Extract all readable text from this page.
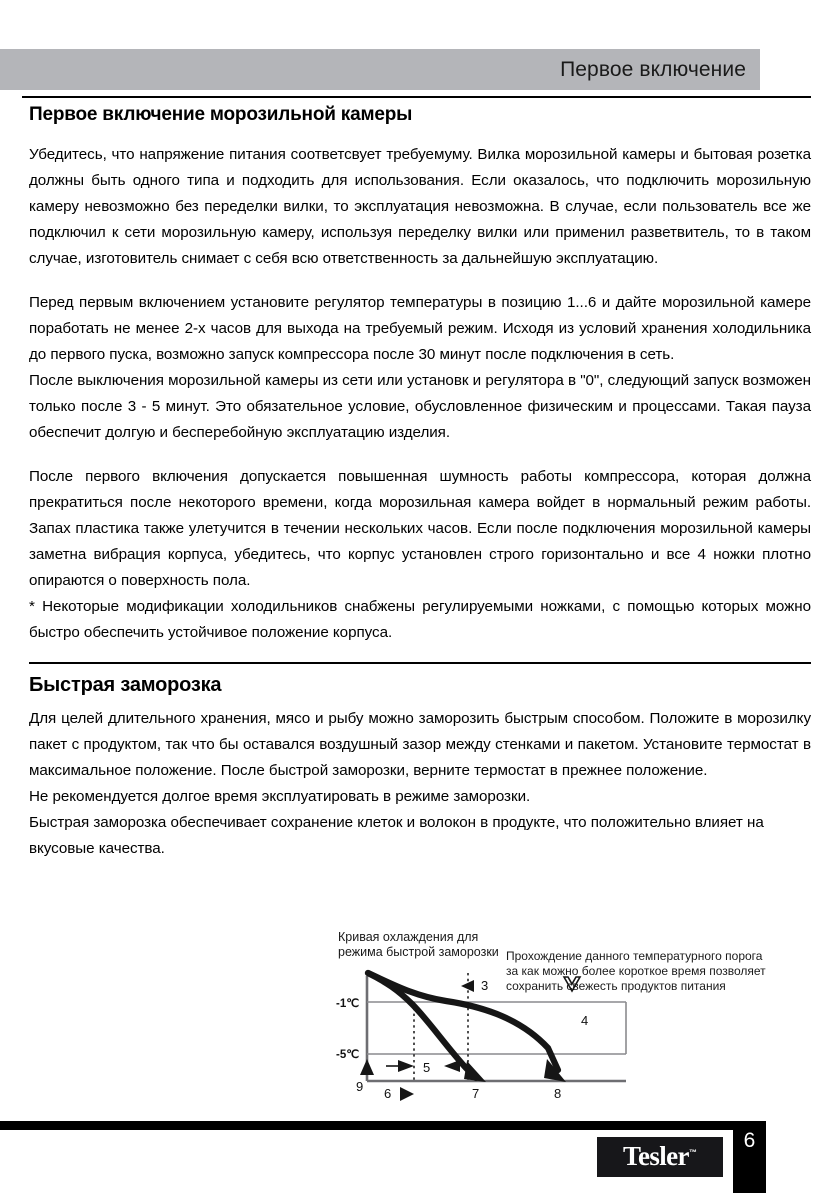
Первое включение
Первое включение морозильной камеры

Убедитесь, что напряжение питания соответсвует требуемуму. Вилка морозильной камеры и бытовая розетка должны быть одного типа и подходить для использования. Если оказалось, что подключить морозильную камеру невозможно без переделки вилки, то эксплуатация невозможна. В случае, если пользователь все же подключил к сети морозильную камеру, используя переделку вилки или применил разветвитель, то в таком случае, изготовитель снимает с себя всю ответственность за дальнейшую эксплуатацию.

Перед первым включением установите регулятор температуры в позицию 1...6 и дайте морозильной камере поработать не менее 2-х часов для выхода на требуемый режим. Исходя из условий хранения холодильника до первого пуска, возможно запуск компрессора после 30 минут после подключения в сеть.

После выключения морозильной камеры из сети или установк и регулятора в "0", следующий запуск возможен только после 3 - 5 минут. Это обязательное условие, обусловленное физическим и процессами. Такая пауза обеспечит долгую и бесперебойную эксплуатацию изделия.

После первого включения допускается повышенная шумность работы компрессора, которая должна прекратиться после некоторого времени, когда морозильная камера войдет в нормальный режим работы. Запах пластика также улетучится в течении нескольких часов. Если после подключения морозильной камеры заметна вибрация корпуса, убедитесь, что корпус установлен строго горизонтально и все 4 ножки плотно опираются о поверхность пола.

* Некоторые модификации холодильников снабжены регулируемыми ножками, с помощью которых можно быстро обеспечить устойчивое положение корпуса.

Быстрая заморозка

Для целей длительного хранения, мясо и рыбу можно заморозить быстрым способом. Положите в морозилку пакет с продуктом, так что бы оставался воздушный зазор между стенками и пакетом. Установите термостат в максимальное положение. После быстрой заморозки, верните термостат в прежнее положение.

Не рекомендуется долгое время эксплуатировать в режиме заморозки.

Быстрая заморозка обеспечивает сохранение клеток и волокон в продукте, что положительно влияет на вкусовые качества.

Кривая охлаждения для
режима быстрой заморозки Прохождение данного температурного порога
за как можно более короткое время позволяет
сохранить свежесть продуктов питания
-1℃
-5℃
3
4
5
9 6	7	8
6
Tesler™
